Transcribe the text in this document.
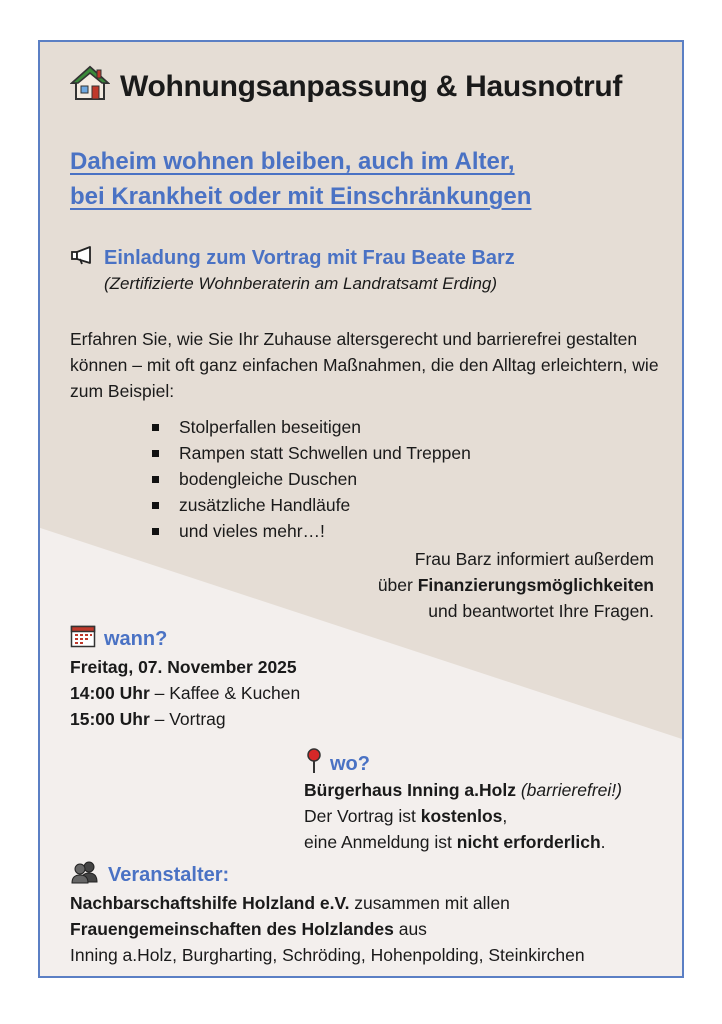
Wohnungsanpassung & Hausnotruf
Daheim wohnen bleiben, auch im Alter,
bei Krankheit oder mit Einschränkungen
Einladung zum Vortrag mit Frau Beate Barz
(Zertifizierte Wohnberaterin am Landratsamt Erding)
Erfahren Sie, wie Sie Ihr Zuhause altersgerecht und barrierefrei gestalten können – mit oft ganz einfachen Maßnahmen, die den Alltag erleichtern, wie zum Beispiel:
Stolperfallen beseitigen
Rampen statt Schwellen und Treppen
bodengleiche Duschen
zusätzliche Handläufe
und vieles mehr…!
Frau Barz informiert außerdem
über Finanzierungsmöglichkeiten
und beantwortet Ihre Fragen.
wann?
Freitag, 07. November 2025
14:00 Uhr – Kaffee & Kuchen
15:00 Uhr – Vortrag
wo?
Bürgerhaus Inning a.Holz (barrierefrei!)
Der Vortrag ist kostenlos,
eine Anmeldung ist nicht erforderlich.
Veranstalter:
Nachbarschaftshilfe Holzland e.V. zusammen mit allen
Frauengemeinschaften des Holzlandes aus
Inning a.Holz, Burgharting, Schröding, Hohenpolding, Steinkirchen
